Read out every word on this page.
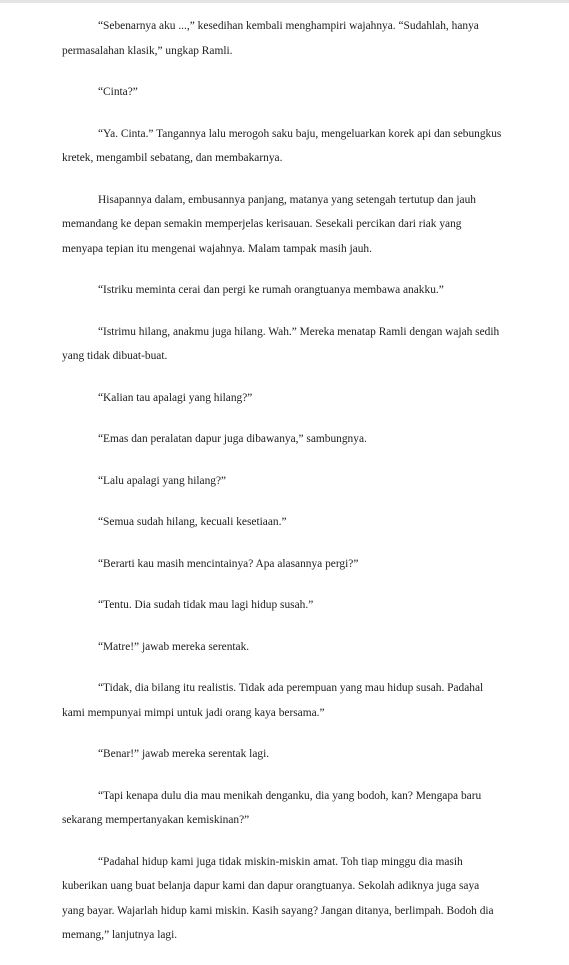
“Sebenarnya aku ...,” kesedihan kembali menghampiri wajahnya. “Sudahlah, hanya permasalahan klasik,” ungkap Ramli.

“Cinta?”

“Ya. Cinta.” Tangannya lalu merogoh saku baju, mengeluarkan korek api dan sebungkus kretek, mengambil sebatang, dan membakarnya.

Hisapannya dalam, embusannya panjang, matanya yang setengah tertutup dan jauh memandang ke depan semakin memperjelas kerisauan. Sesekali percikan dari riak yang menyapa tepian itu mengenai wajahnya. Malam tampak masih jauh.

“Istriku meminta cerai dan pergi ke rumah orangtuanya membawa anakku.”

“Istrimu hilang, anakmu juga hilang. Wah.” Mereka menatap Ramli dengan wajah sedih yang tidak dibuat-buat.

“Kalian tau apalagi yang hilang?”

“Emas dan peralatan dapur juga dibawanya,” sambungnya.

“Lalu apalagi yang hilang?”

“Semua sudah hilang, kecuali kesetiaan.”

“Berarti kau masih mencintainya? Apa alasannya pergi?”

“Tentu. Dia sudah tidak mau lagi hidup susah.”

“Matre!” jawab mereka serentak.

“Tidak, dia bilang itu realistis. Tidak ada perempuan yang mau hidup susah. Padahal kami mempunyai mimpi untuk jadi orang kaya bersama.”

“Benar!” jawab mereka serentak lagi.

“Tapi kenapa dulu dia mau menikah denganku, dia yang bodoh, kan? Mengapa baru sekarang mempertanyakan kemiskinan?”

“Padahal hidup kami juga tidak miskin-miskin amat. Toh tiap minggu dia masih kuberikan uang buat belanja dapur kami dan dapur orangtuanya. Sekolah adiknya juga saya yang bayar. Wajarlah hidup kami miskin. Kasih sayang? Jangan ditanya, berlimpah. Bodoh dia memang,” lanjutnya lagi.
